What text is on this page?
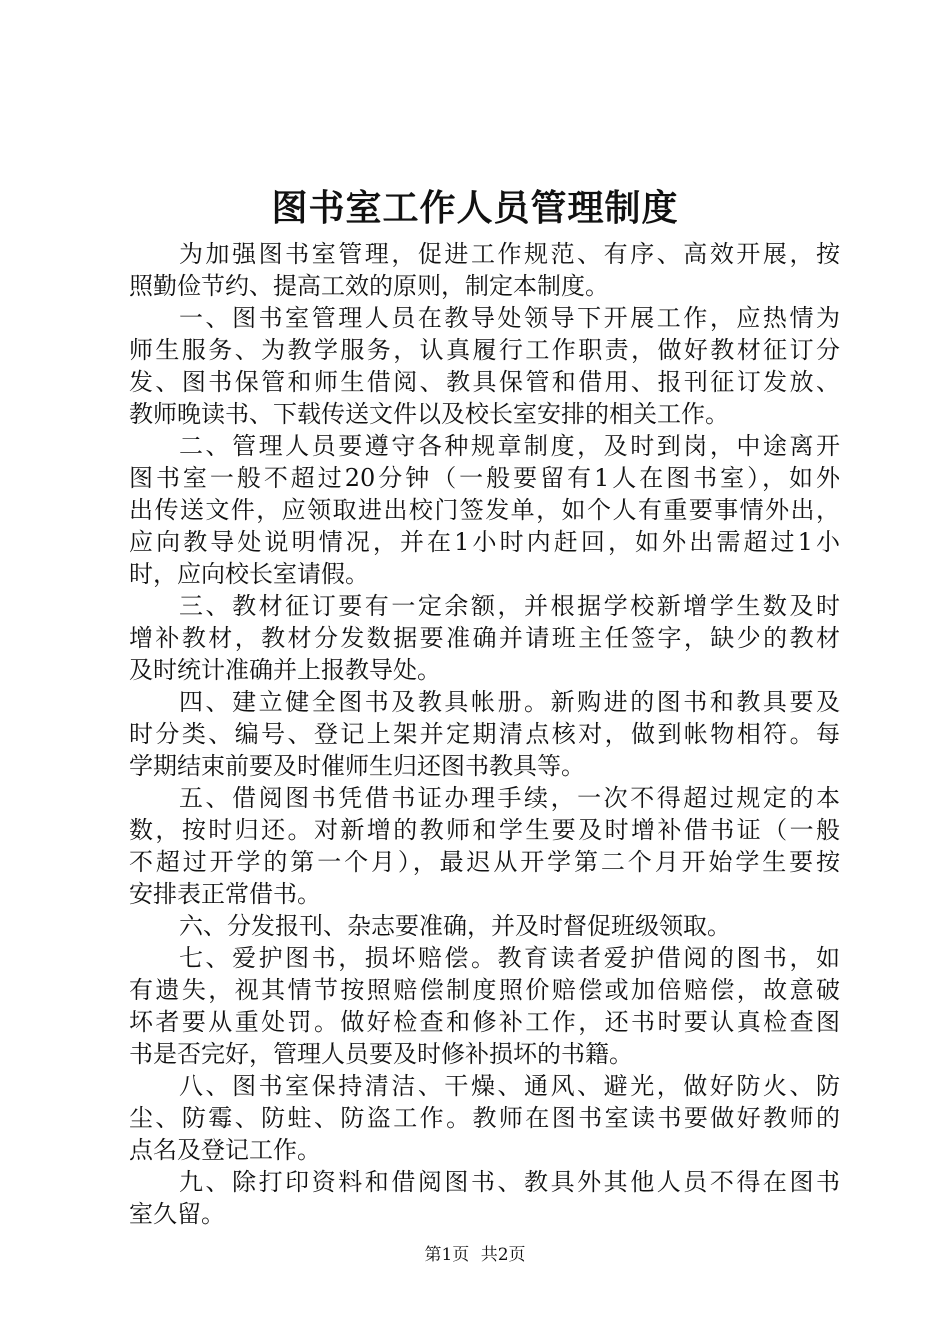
图书室工作人员管理制度
为加强图书室管理，促进工作规范、有序、高效开展，按
照勤俭节约、提高工效的原则，制定本制度。
一、图书室管理人员在教导处领导下开展工作，应热情为
师生服务、为教学服务，认真履行工作职责，做好教材征订分
发、图书保管和师生借阅、教具保管和借用、报刊征订发放、
教师晚读书、下载传送文件以及校长室安排的相关工作。
二、管理人员要遵守各种规章制度，及时到岗，中途离开
图书室一般不超过20分钟（一般要留有1人在图书室），如外
出传送文件，应领取进出校门签发单，如个人有重要事情外出，
应向教导处说明情况，并在1小时内赶回，如外出需超过1小
时，应向校长室请假。
三、教材征订要有一定余额，并根据学校新增学生数及时
增补教材，教材分发数据要准确并请班主任签字，缺少的教材
及时统计准确并上报教导处。
四、建立健全图书及教具帐册。新购进的图书和教具要及
时分类、编号、登记上架并定期清点核对，做到帐物相符。每
学期结束前要及时催师生归还图书教具等。
五、借阅图书凭借书证办理手续，一次不得超过规定的本
数，按时归还。对新增的教师和学生要及时增补借书证（一般
不超过开学的第一个月），最迟从开学第二个月开始学生要按
安排表正常借书。
六、分发报刊、杂志要准确，并及时督促班级领取。
七、爱护图书，损坏赔偿。教育读者爱护借阅的图书，如
有遗失，视其情节按照赔偿制度照价赔偿或加倍赔偿，故意破
坏者要从重处罚。做好检查和修补工作，还书时要认真检查图
书是否完好，管理人员要及时修补损坏的书籍。
八、图书室保持清洁、干燥、通风、避光，做好防火、防
尘、防霉、防蛀、防盗工作。教师在图书室读书要做好教师的
点名及登记工作。
九、除打印资料和借阅图书、教具外其他人员不得在图书
室久留。
第1页 共2页
